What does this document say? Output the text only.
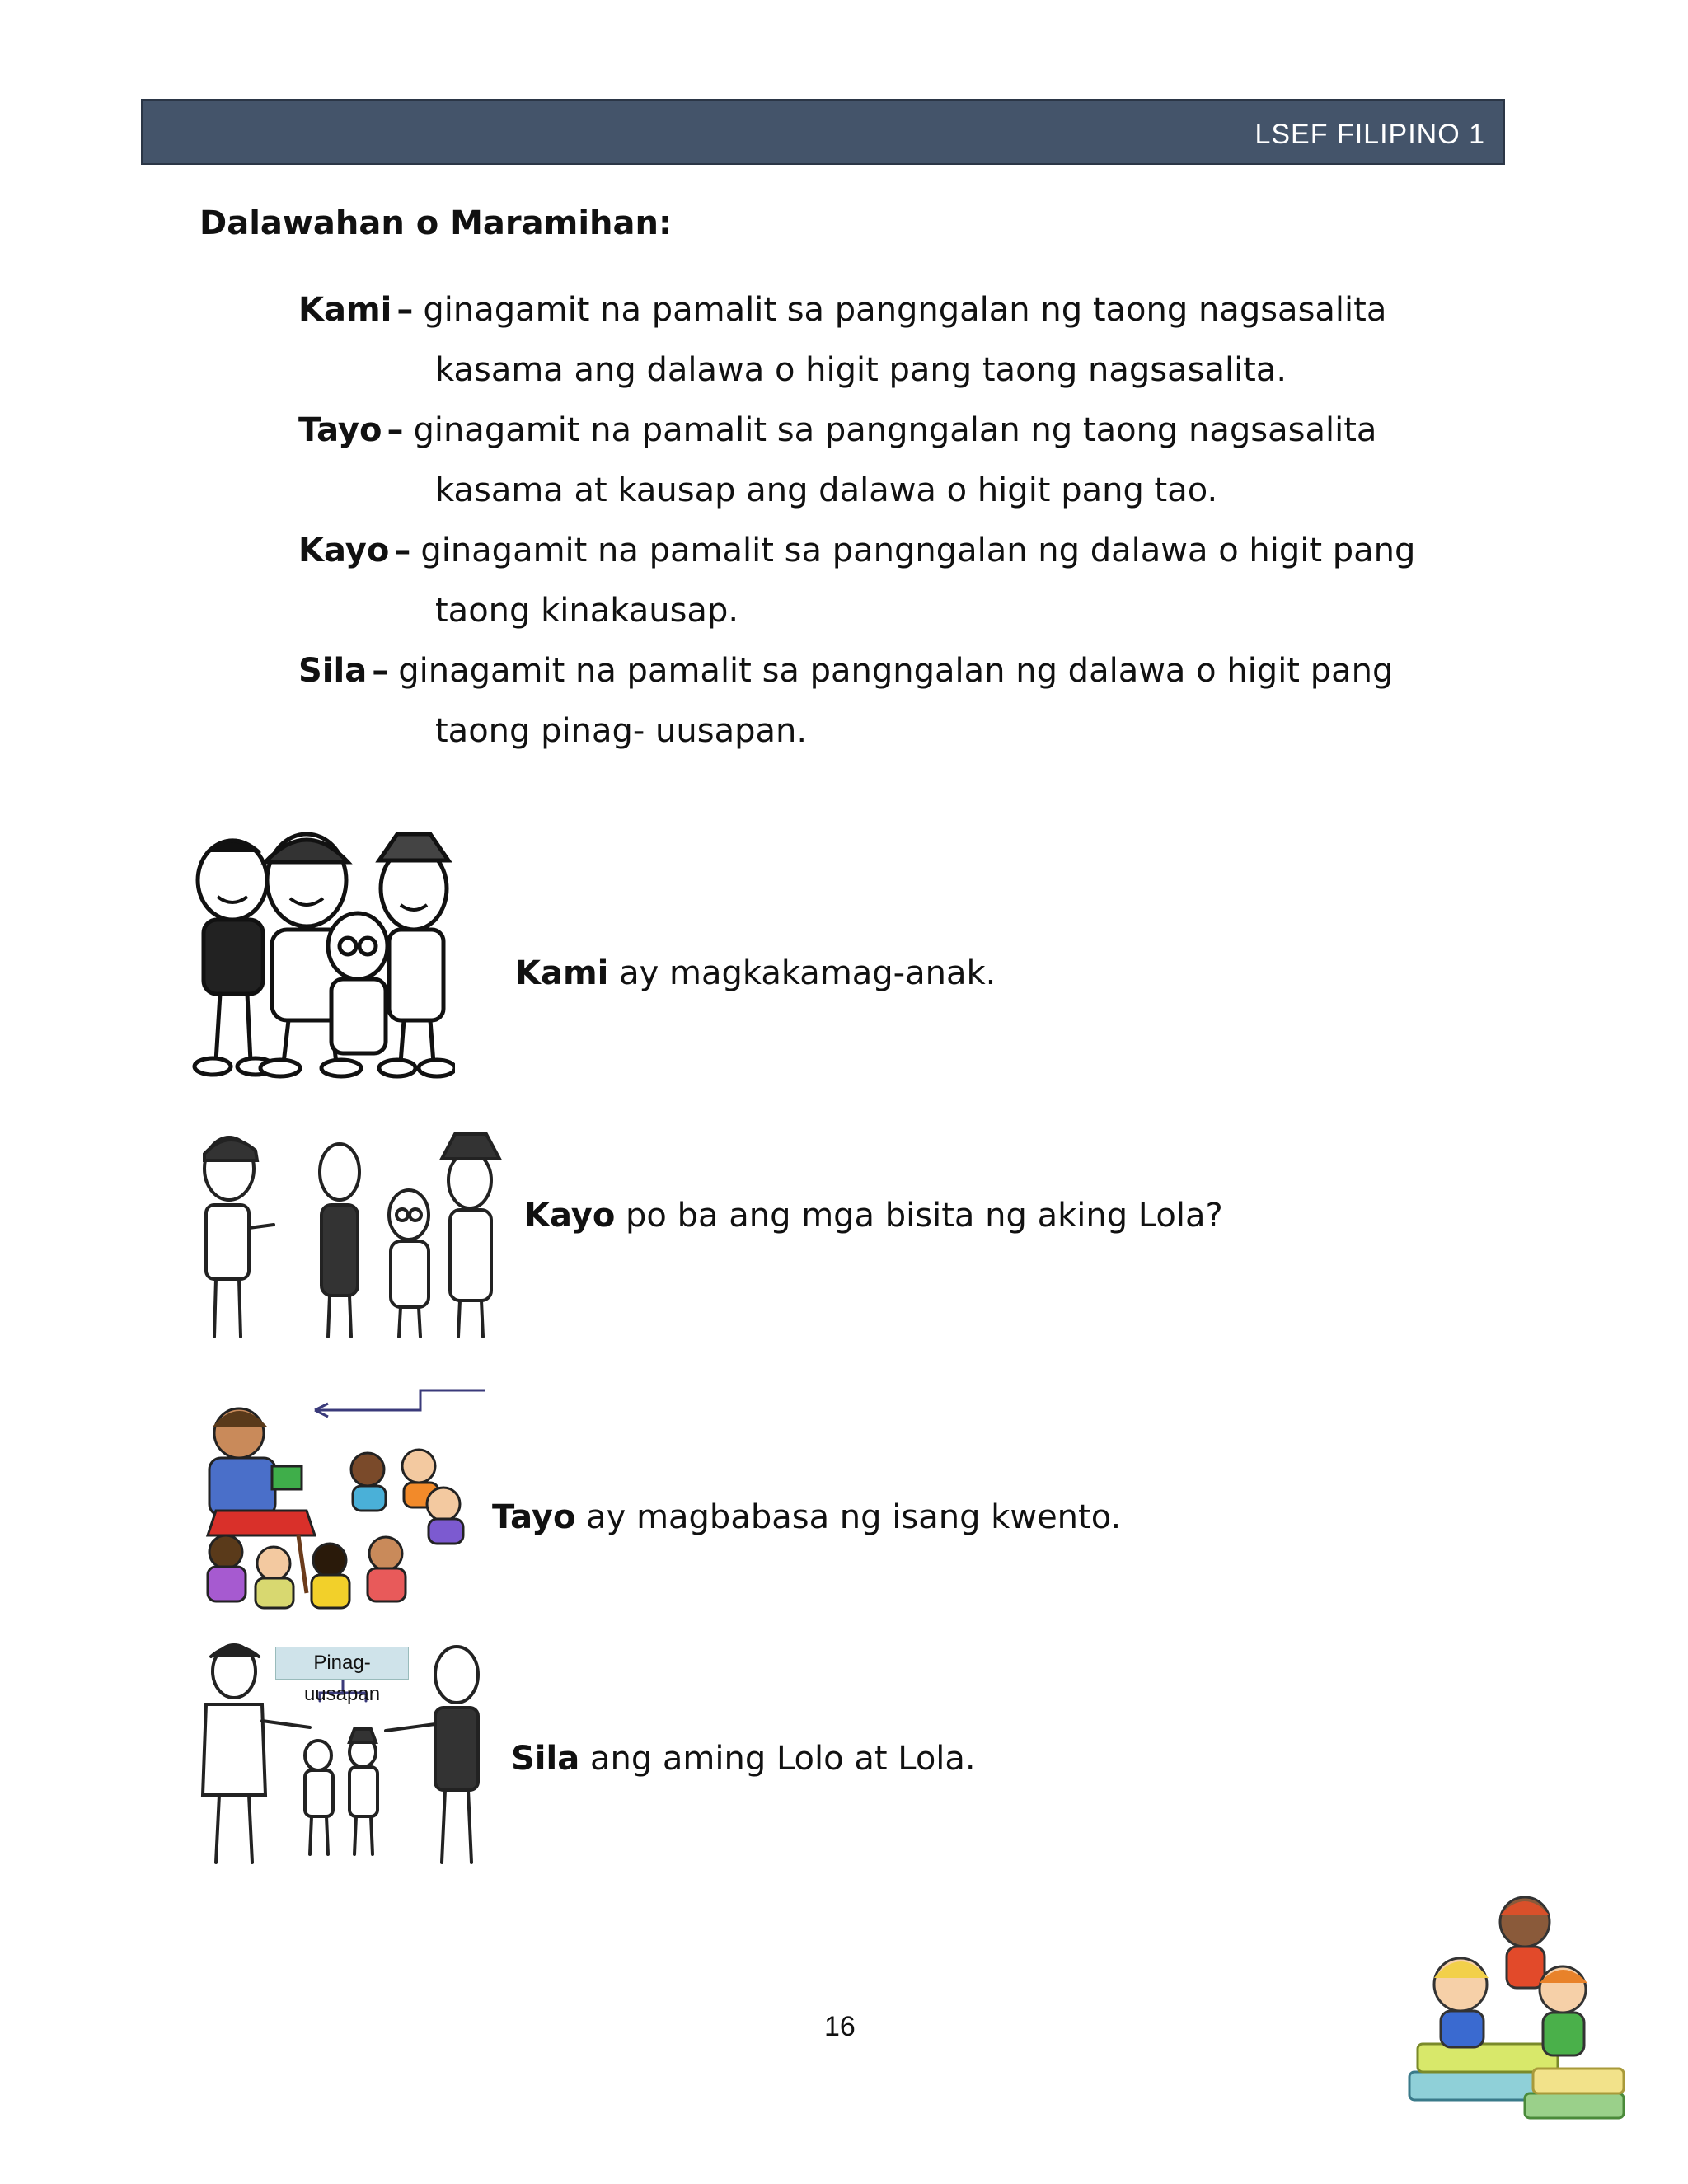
LSEF FILIPINO 1
Dalawahan o Maramihan:
Kami – ginagamit na pamalit sa pangngalan ng taong nagsasalita
kasama ang dalawa o higit pang taong nagsasalita.
Tayo – ginagamit na pamalit sa pangngalan ng taong nagsasalita
kasama at kausap ang dalawa o higit pang tao.
Kayo – ginagamit na pamalit sa pangngalan ng dalawa o higit pang
taong kinakausap.
Sila – ginagamit na pamalit sa pangngalan ng dalawa o higit pang
taong pinag- uusapan.
Kami ay magkakamag-anak.
Kayo po ba ang mga bisita ng aking Lola?
Tayo ay magbabasa ng isang kwento.
Pinag-uusapan
Sila ang aming Lolo at Lola.
16
